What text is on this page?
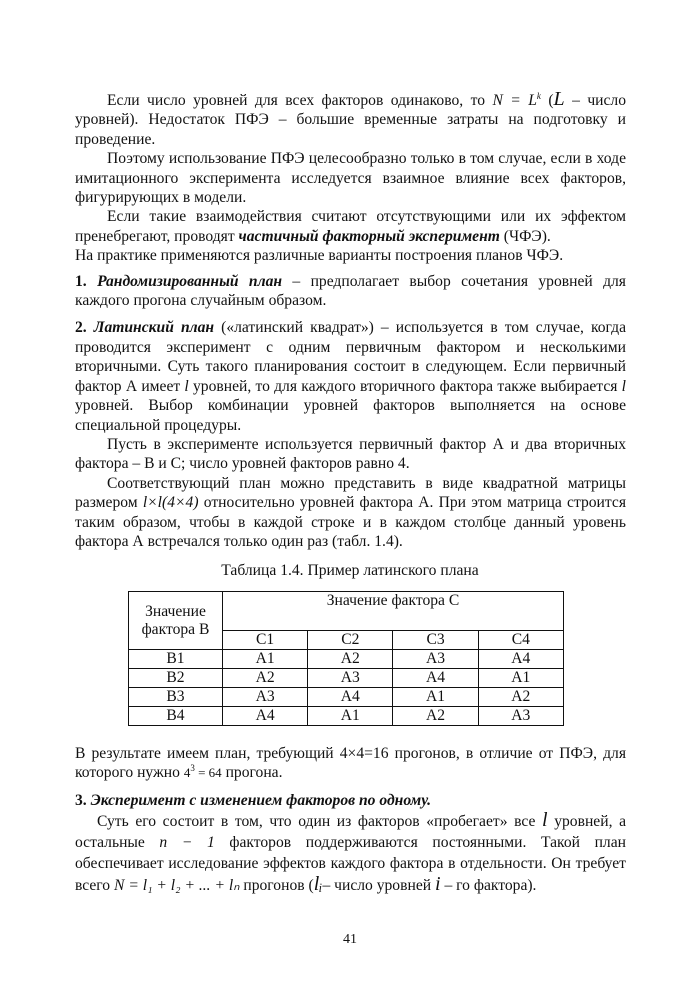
Если число уровней для всех факторов одинаково, то $N = L^k$ (L – число уровней). Недостаток ПФЭ – большие временные затраты на подготовку и проведение.

Поэтому использование ПФЭ целесообразно только в том случае, если в ходе имитационного эксперимента исследуется взаимное влияние всех факторов, фигурирующих в модели.

Если такие взаимодействия считают отсутствующими или их эффектом пренебрегают, проводят частичный факторный эксперимент (ЧФЭ).

На практике применяются различные варианты построения планов ЧФЭ.

1. Рандомизированный план – предполагает выбор сочетания уровней для каждого прогона случайным образом.

2. Латинский план («латинский квадрат») – используется в том случае, когда проводится эксперимент с одним первичным фактором и несколькими вторичными. Суть такого планирования состоит в следующем. Если первичный фактор А имеет l уровней, то для каждого вторичного фактора также выбирается l уровней. Выбор комбинации уровней факторов выполняется на основе специальной процедуры.

Пусть в эксперименте используется первичный фактор А и два вторичных фактора – В и С; число уровней факторов равно 4.

Соответствующий план можно представить в виде квадратной матрицы размером l×l(4×4) относительно уровней фактора А. При этом матрица строится таким образом, чтобы в каждой строке и в каждом столбце данный уровень фактора А встречался только один раз (табл. 1.4).

Таблица 1.4. Пример латинского плана
Значение фактора В	Значение фактора С			
	C1	C2	C3	C4
B1	A1	A2	A3	A4
B2	A2	A3	A4	A1
B3	A3	A4	A1	A2
B4	A4	A1	A2	A3

В результате имеем план, требующий 4×4=16 прогонов, в отличие от ПФЭ, для которого нужно $4^3 = 64$ прогона.

3. Эксперимент с изменением факторов по одному.

Суть его состоит в том, что один из факторов «пробегает» все l уровней, а остальные n − 1 факторов поддерживаются постоянными. Такой план обеспечивает исследование эффектов каждого фактора в отдельности. Он требует всего N = l₁ + l₂ + ... + lₙ прогонов (lᵢ– число уровней i – го фактора).

41
